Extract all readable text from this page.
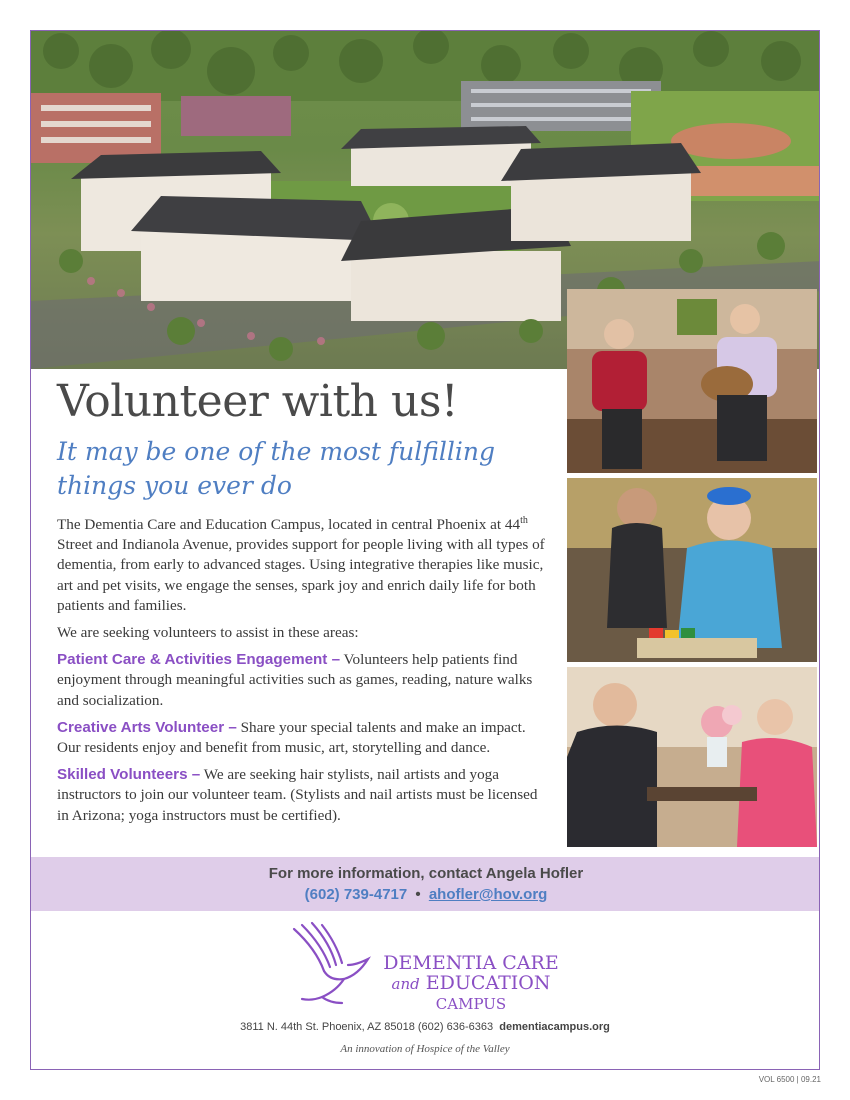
Volunteer with us!
It may be one of the most fulfilling things you ever do

The Dementia Care and Education Campus, located in central Phoenix at 44th Street and Indianola Avenue, provides support for people living with all types of dementia, from early to advanced stages. Using integrative therapies like music, art and pet visits, we engage the senses, spark joy and enrich daily life for both patients and families.

We are seeking volunteers to assist in these areas:

Patient Care & Activities Engagement – Volunteers help patients find enjoyment through meaningful activities such as games, reading, nature walks and socialization.

Creative Arts Volunteer – Share your special talents and make an impact. Our residents enjoy and benefit from music, art, storytelling and dance.

Skilled Volunteers – We are seeking hair stylists, nail artists and yoga instructors to join our volunteer team. (Stylists and nail artists must be licensed in Arizona; yoga instructors must be certified).

For more information, contact Angela Hofler
(602) 739-4717 • ahofler@hov.org
DEMENTIA CARE
and EDUCATION
CAMPUS
3811 N. 44th St. Phoenix, AZ 85018 (602) 636-6363 dementiacampus.org
An innovation of Hospice of the Valley
VOL 6500 | 09.21
